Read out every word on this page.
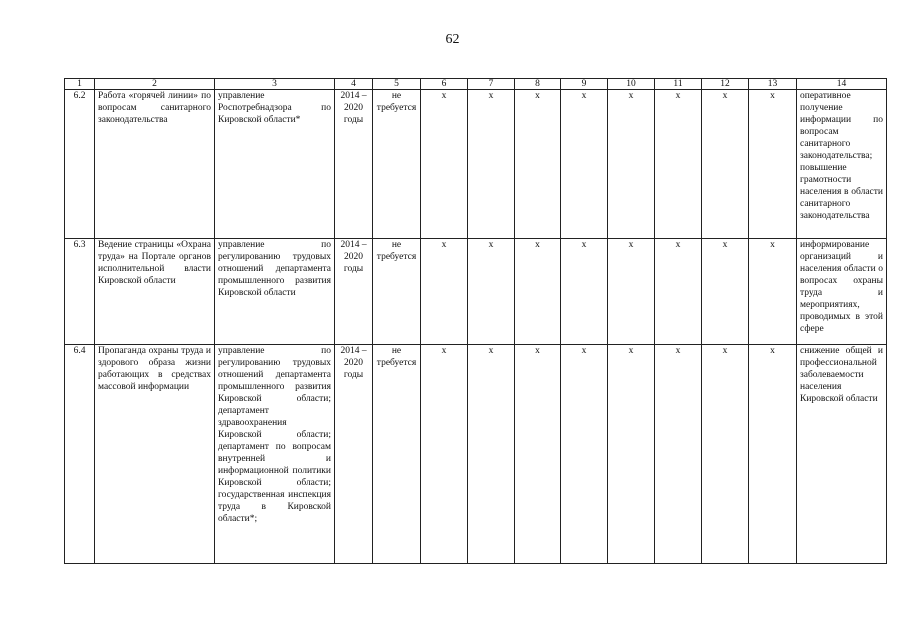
62
1	2	3	4	5	6	7	8	9	10	11	12	13	14
6.2	Работа «горячей линии» по вопросам санитарного законодательства	управление Роспотребнадзора по Кировской области*	2014 – 2020 годы	не требуется	x	x	x	x	x	x	x	x	оперативное получение информации по вопросам санитарного законодательства; повышение грамотности населения в области санитарного законодательства
6.3	Ведение страницы «Охрана труда» на Портале органов исполнительной власти Кировской области	управление по регулированию трудовых отношений департамента промышленного развития Кировской области	2014 – 2020 годы	не требуется	x	x	x	x	x	x	x	x	информирование организаций и населения области о вопросах охраны труда и мероприятиях, проводимых в этой сфере
6.4	Пропаганда охраны труда и здорового образа жизни работающих в средствах массовой информации	управление по регулированию трудовых отношений департамента промышленного развития Кировской области; департамент здравоохранения Кировской области; департамент по вопросам внутренней и информационной политики Кировской области; государственная инспекция труда в Кировской области*;	2014 – 2020 годы	не требуется	x	x	x	x	x	x	x	x	снижение общей и профессиональной заболеваемости населения Кировской области
